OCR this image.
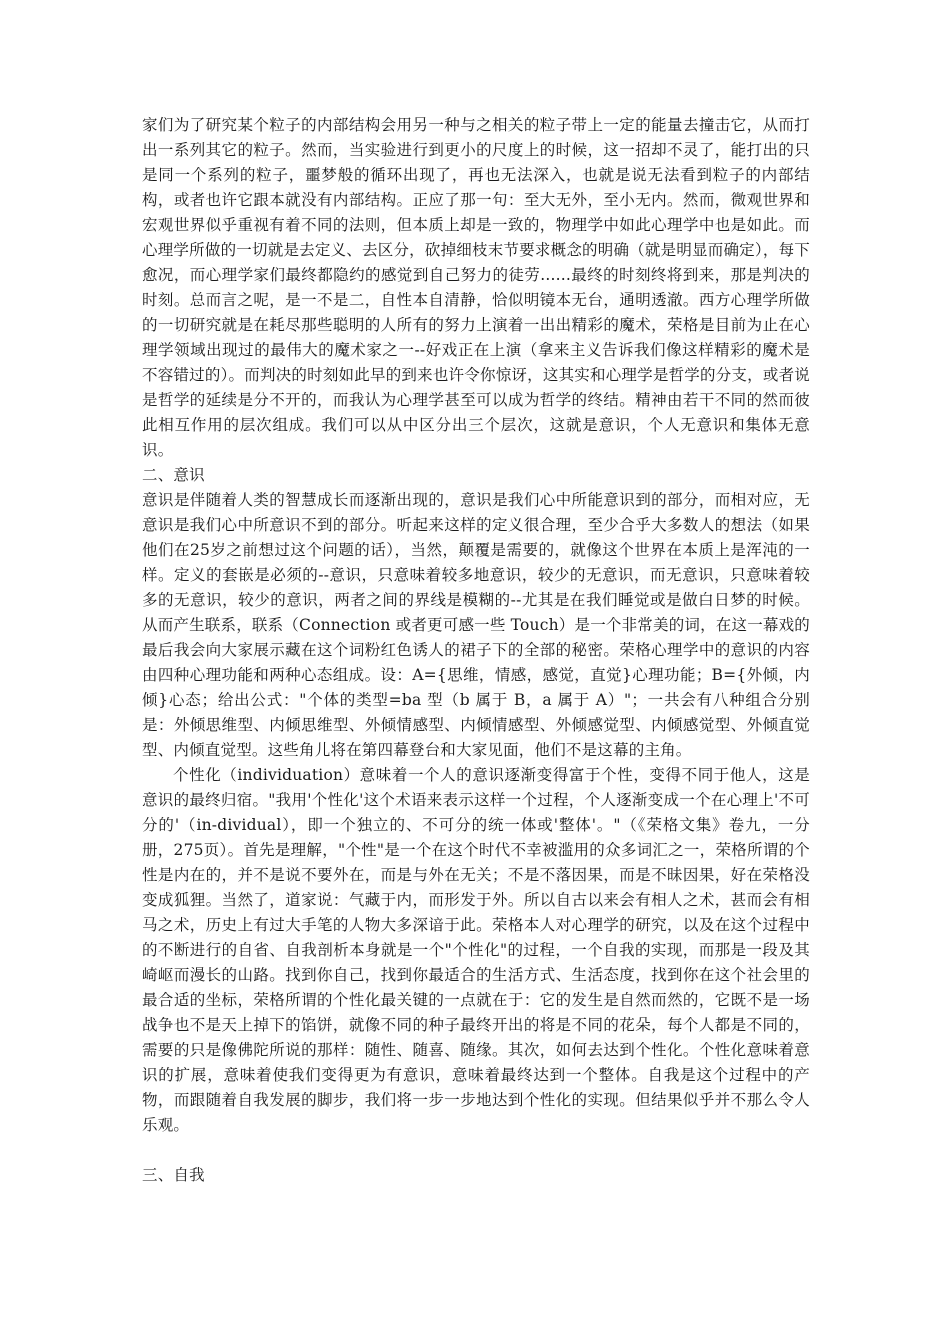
家们为了研究某个粒子的内部结构会用另一种与之相关的粒子带上一定的能量去撞击它，从而打出一系列其它的粒子。然而，当实验进行到更小的尺度上的时候，这一招却不灵了，能打出的只是同一个系列的粒子，噩梦般的循环出现了，再也无法深入，也就是说无法看到粒子的内部结构，或者也许它跟本就没有内部结构。正应了那一句：至大无外，至小无内。然而，微观世界和宏观世界似乎重视有着不同的法则，但本质上却是一致的，物理学中如此心理学中也是如此。而心理学所做的一切就是去定义、去区分，砍掉细枝末节要求概念的明确（就是明显而确定），每下愈况，而心理学家们最终都隐约的感觉到自己努力的徒劳......最终的时刻终将到来，那是判决的时刻。总而言之呢，是一不是二，自性本自清静，恰似明镜本无台，通明透澈。西方心理学所做的一切研究就是在耗尽那些聪明的人所有的努力上演着一出出精彩的魔术，荣格是目前为止在心理学领域出现过的最伟大的魔术家之一--好戏正在上演（拿来主义告诉我们像这样精彩的魔术是不容错过的）。而判决的时刻如此早的到来也许令你惊讶，这其实和心理学是哲学的分支，或者说是哲学的延续是分不开的，而我认为心理学甚至可以成为哲学的终结。精神由若干不同的然而彼此相互作用的层次组成。我们可以从中区分出三个层次，这就是意识，个人无意识和集体无意识。

二、意识

意识是伴随着人类的智慧成长而逐渐出现的，意识是我们心中所能意识到的部分，而相对应，无意识是我们心中所意识不到的部分。听起来这样的定义很合理，至少合乎大多数人的想法（如果他们在25岁之前想过这个问题的话），当然，颠覆是需要的，就像这个世界在本质上是浑沌的一样。定义的套嵌是必须的--意识，只意味着较多地意识，较少的无意识，而无意识，只意味着较多的无意识，较少的意识，两者之间的界线是模糊的--尤其是在我们睡觉或是做白日梦的时候。从而产生联系，联系（Connection 或者更可感一些 Touch）是一个非常美的词，在这一幕戏的最后我会向大家展示藏在这个词粉红色诱人的裙子下的全部的秘密。荣格心理学中的意识的内容由四种心理功能和两种心态组成。设：A={思维，情感，感觉，直觉}心理功能；B={外倾，内倾}心态；给出公式："个体的类型=ba 型（b 属于 B，a 属于 A）"；一共会有八种组合分别是：外倾思维型、内倾思维型、外倾情感型、内倾情感型、外倾感觉型、内倾感觉型、外倾直觉型、内倾直觉型。这些角儿将在第四幕登台和大家见面，他们不是这幕的主角。

个性化（individuation）意味着一个人的意识逐渐变得富于个性，变得不同于他人，这是意识的最终归宿。"我用'个性化'这个术语来表示这样一个过程，个人逐渐变成一个在心理上'不可分的'（in-dividual），即一个独立的、不可分的统一体或'整体'。"（《荣格文集》卷九，一分册，275页）。首先是理解，"个性"是一个在这个时代不幸被滥用的众多词汇之一，荣格所谓的个性是内在的，并不是说不要外在，而是与外在无关；不是不落因果，而是不昧因果，好在荣格没变成狐狸。当然了，道家说：气藏于内，而形发于外。所以自古以来会有相人之术，甚而会有相马之术，历史上有过大手笔的人物大多深谙于此。荣格本人对心理学的研究，以及在这个过程中的不断进行的自省、自我剖析本身就是一个"个性化"的过程，一个自我的实现，而那是一段及其崎岖而漫长的山路。找到你自己，找到你最适合的生活方式、生活态度，找到你在这个社会里的最合适的坐标，荣格所谓的个性化最关键的一点就在于：它的发生是自然而然的，它既不是一场战争也不是天上掉下的馅饼，就像不同的种子最终开出的将是不同的花朵，每个人都是不同的，需要的只是像佛陀所说的那样：随性、随喜、随缘。其次，如何去达到个性化。个性化意味着意识的扩展，意味着使我们变得更为有意识，意味着最终达到一个整体。自我是这个过程中的产物，而跟随着自我发展的脚步，我们将一步一步地达到个性化的实现。但结果似乎并不那么令人乐观。

三、自我
